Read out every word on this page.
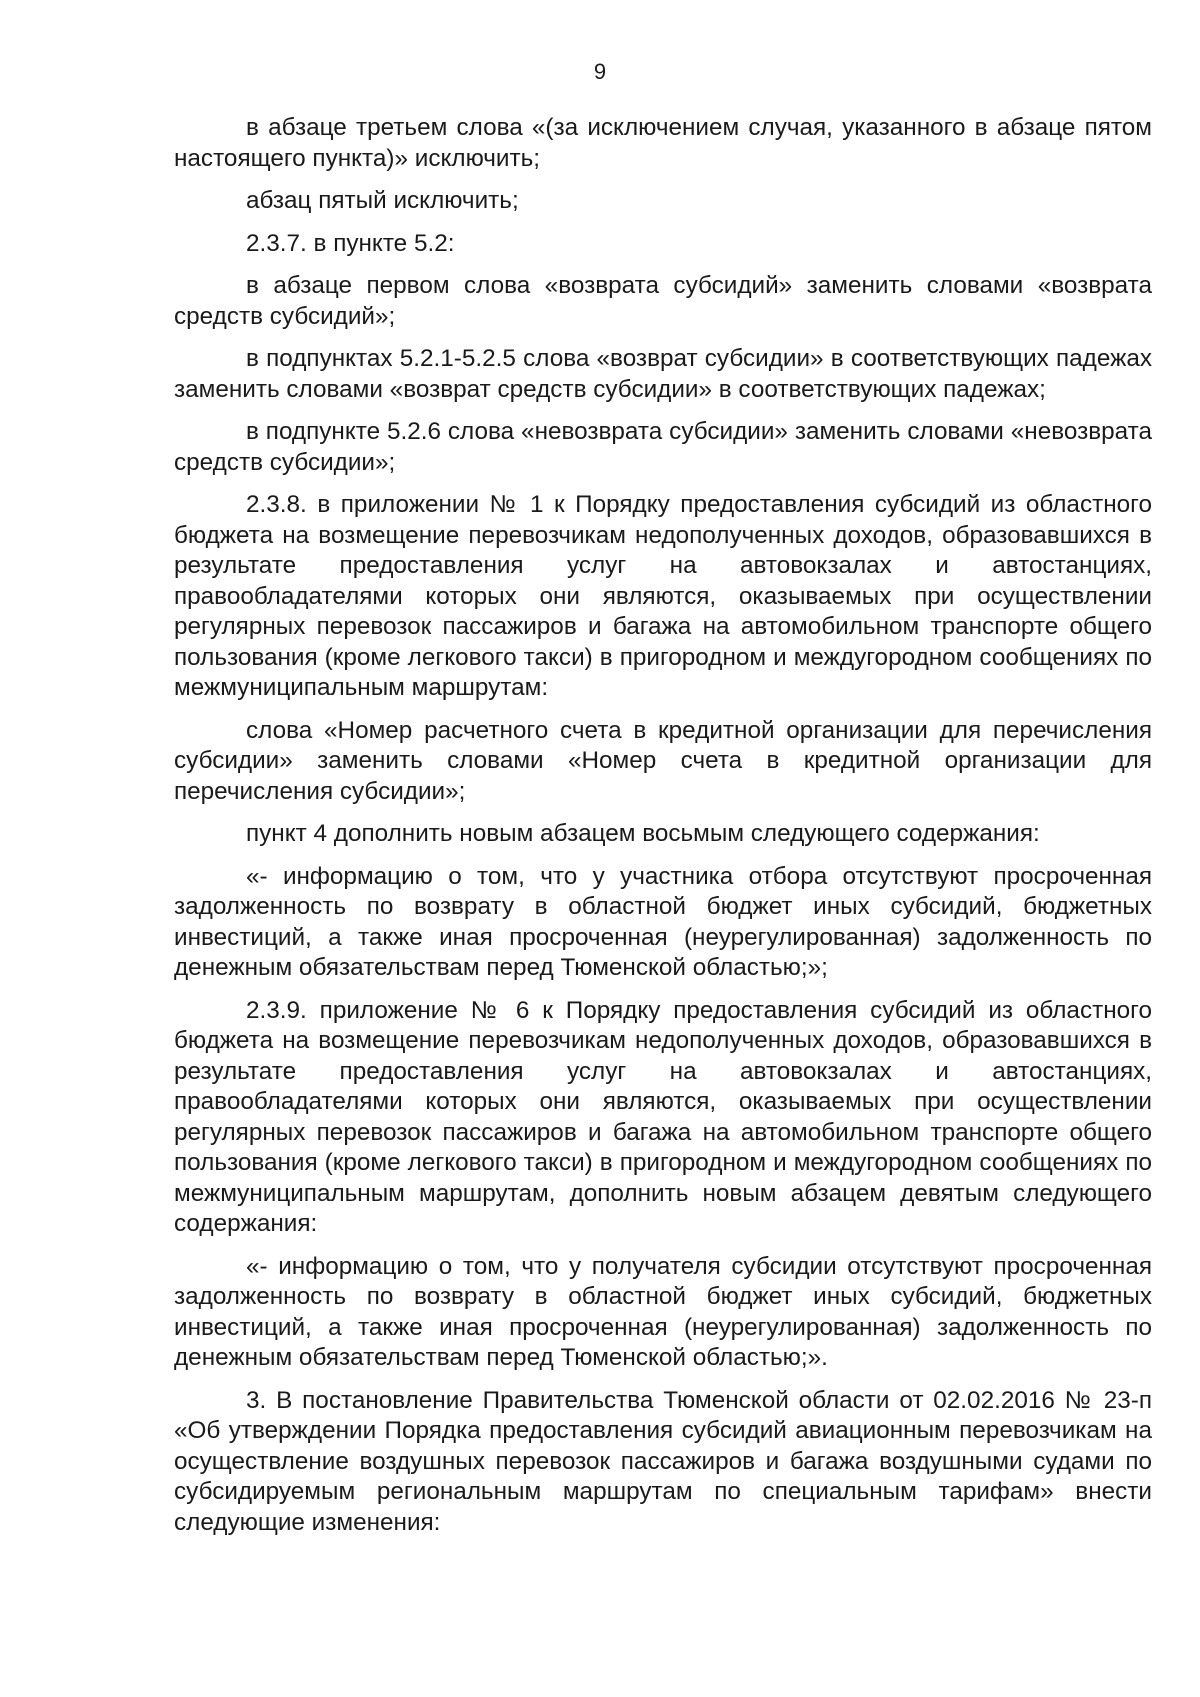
9

в абзаце третьем слова «(за исключением случая, указанного в абзаце пятом настоящего пункта)» исключить;

абзац пятый исключить;

2.3.7. в пункте 5.2:

в абзаце первом слова «возврата субсидий» заменить словами «возврата средств субсидий»;

в подпунктах 5.2.1-5.2.5 слова «возврат субсидии» в соответствующих падежах заменить словами «возврат средств субсидии» в соответствующих падежах;

в подпункте 5.2.6 слова «невозврата субсидии» заменить словами «невозврата средств субсидии»;

2.3.8. в приложении № 1 к Порядку предоставления субсидий из областного бюджета на возмещение перевозчикам недополученных доходов, образовавшихся в результате предоставления услуг на автовокзалах и автостанциях, правообладателями которых они являются, оказываемых при осуществлении регулярных перевозок пассажиров и багажа на автомобильном транспорте общего пользования (кроме легкового такси) в пригородном и междугородном сообщениях по межмуниципальным маршрутам:

слова «Номер расчетного счета в кредитной организации для перечисления субсидии» заменить словами «Номер счета в кредитной организации для перечисления субсидии»;

пункт 4 дополнить новым абзацем восьмым следующего содержания:

«- информацию о том, что у участника отбора отсутствуют просроченная задолженность по возврату в областной бюджет иных субсидий, бюджетных инвестиций, а также иная просроченная (неурегулированная) задолженность по денежным обязательствам перед Тюменской областью;»;

2.3.9. приложение № 6 к Порядку предоставления субсидий из областного бюджета на возмещение перевозчикам недополученных доходов, образовавшихся в результате предоставления услуг на автовокзалах и автостанциях, правообладателями которых они являются, оказываемых при осуществлении регулярных перевозок пассажиров и багажа на автомобильном транспорте общего пользования (кроме легкового такси) в пригородном и междугородном сообщениях по межмуниципальным маршрутам, дополнить новым абзацем девятым следующего содержания:

«- информацию о том, что у получателя субсидии отсутствуют просроченная задолженность по возврату в областной бюджет иных субсидий, бюджетных инвестиций, а также иная просроченная (неурегулированная) задолженность по денежным обязательствам перед Тюменской областью;».

3. В постановление Правительства Тюменской области от 02.02.2016 № 23-п «Об утверждении Порядка предоставления субсидий авиационным перевозчикам на осуществление воздушных перевозок пассажиров и багажа воздушными судами по субсидируемым региональным маршрутам по специальным тарифам» внести следующие изменения:
